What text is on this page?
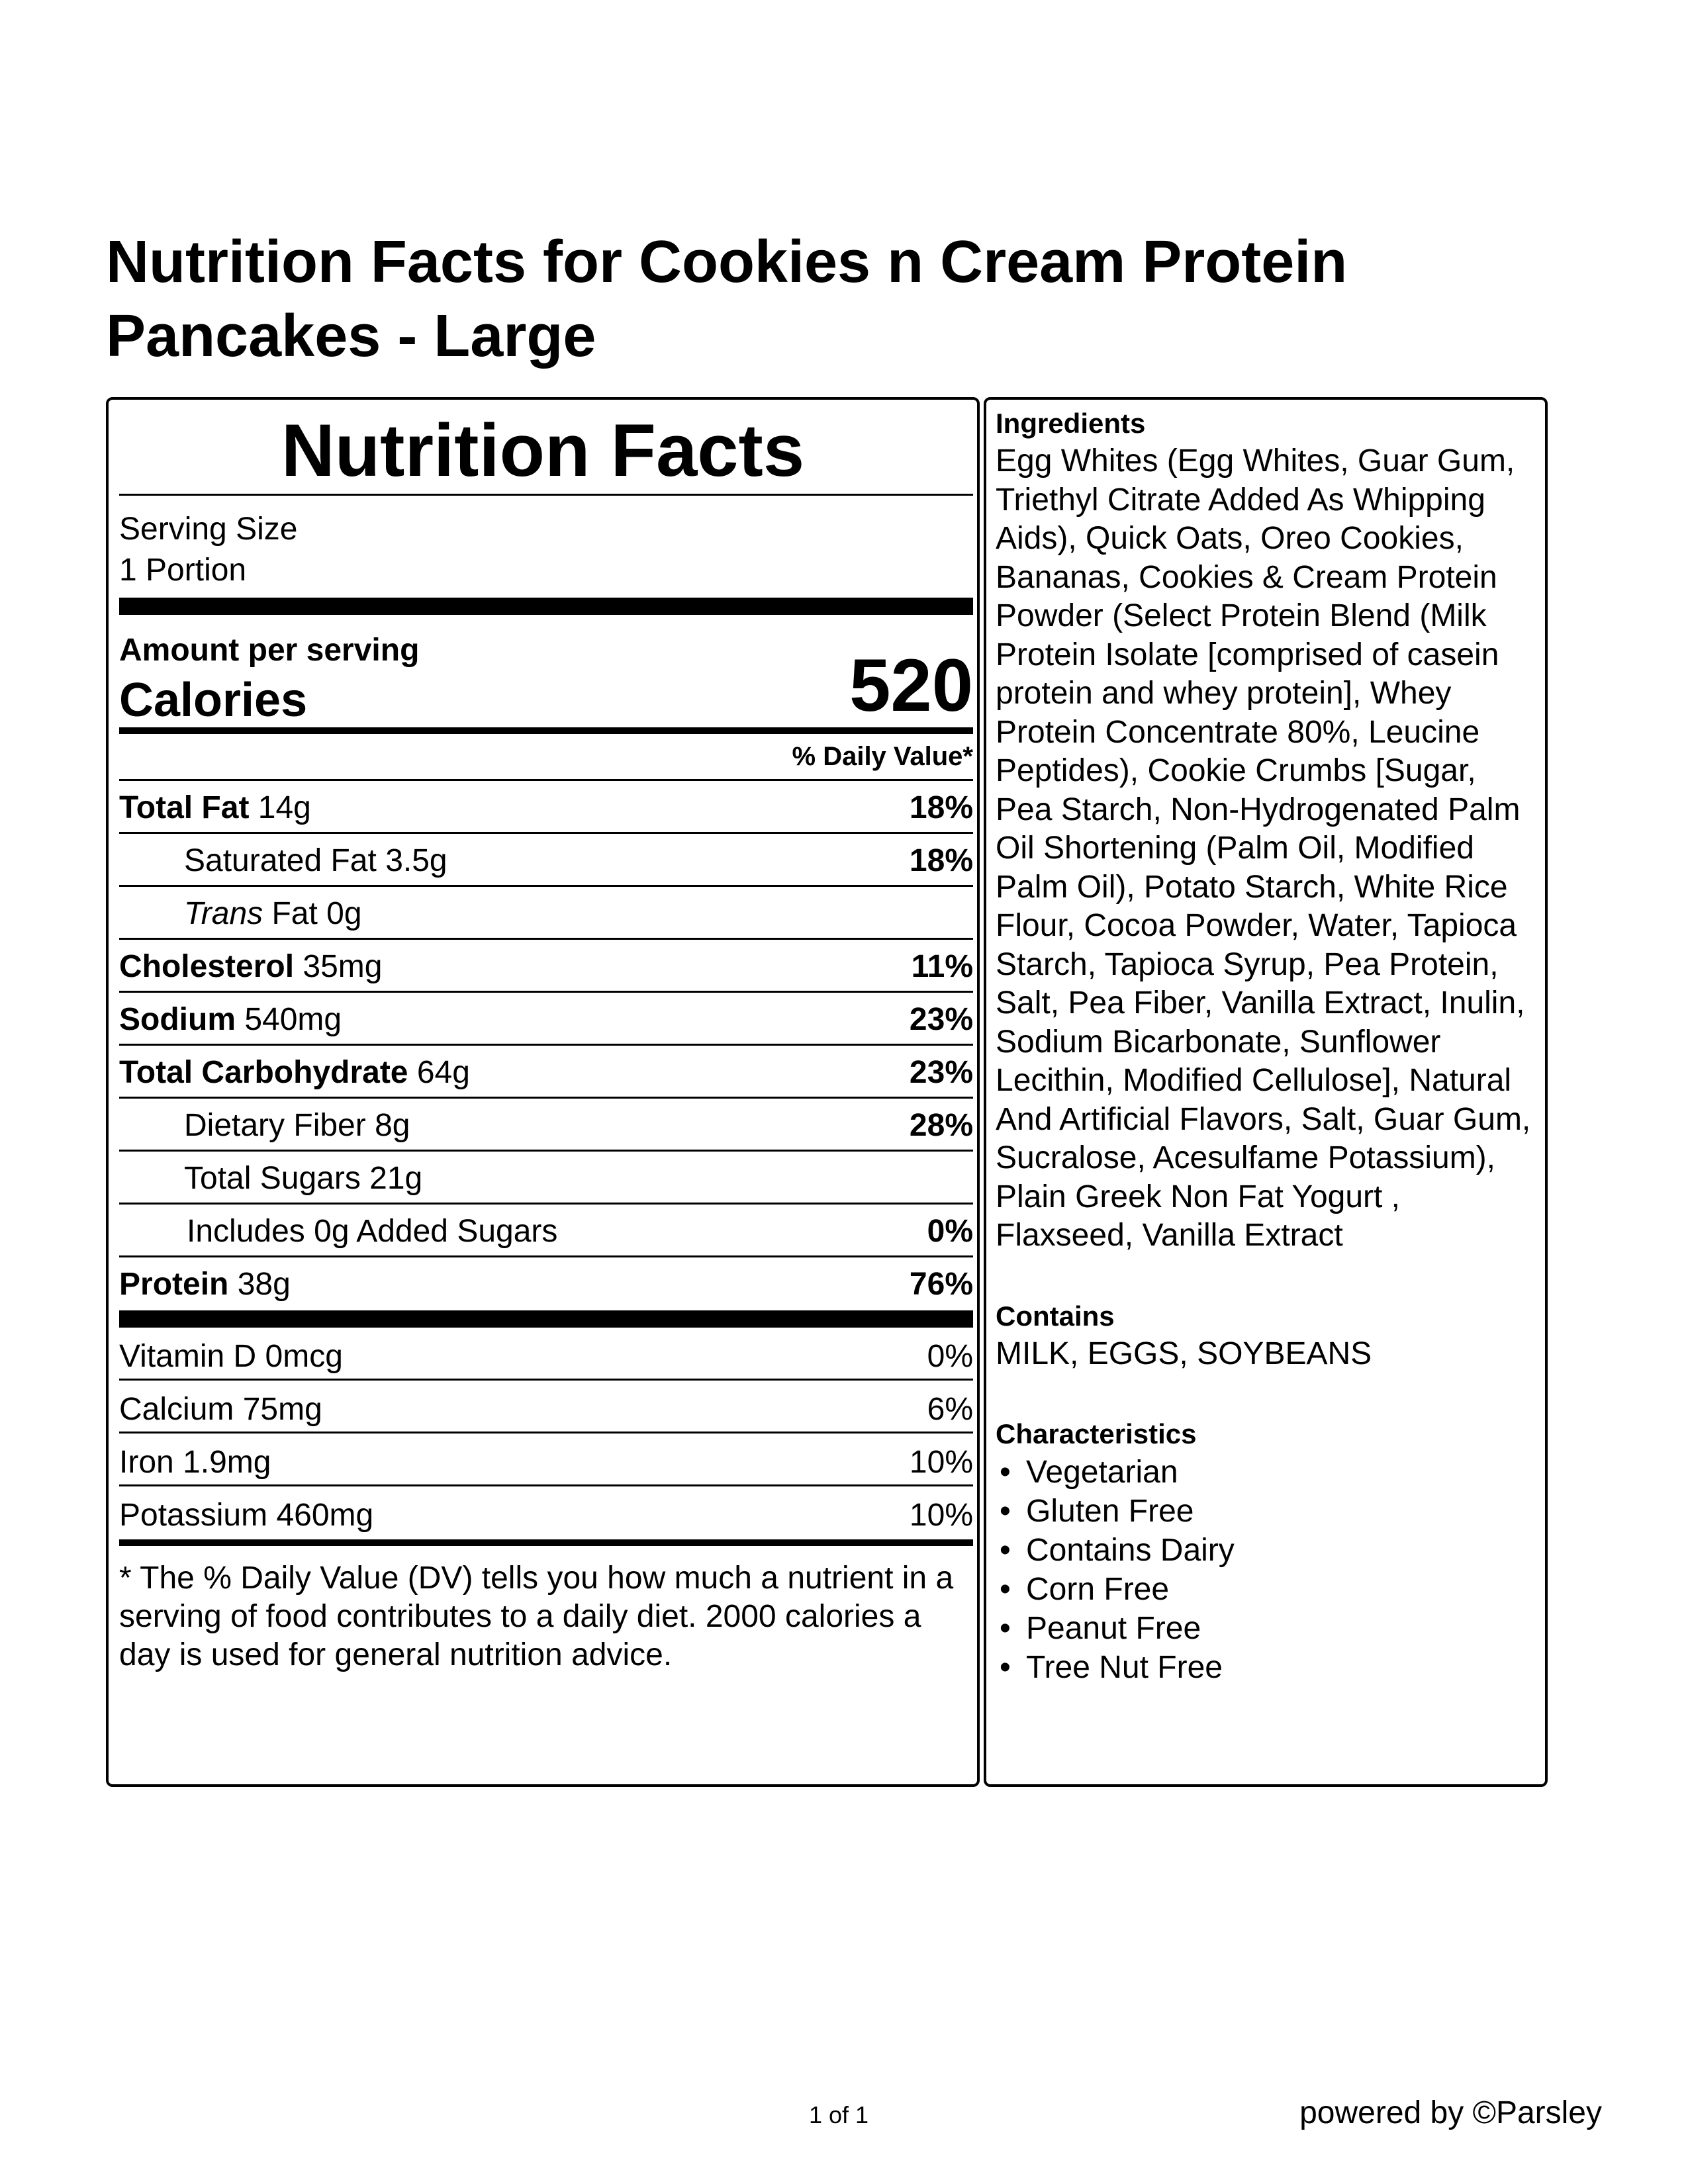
Nutrition Facts for Cookies n Cream Protein Pancakes - Large
Nutrition Facts
Serving Size
1 Portion
Amount per serving
Calories	520
% Daily Value*
Total Fat 14g	18%
Saturated Fat 3.5g	18%
Trans Fat 0g
Cholesterol 35mg	11%
Sodium 540mg	23%
Total Carbohydrate 64g	23%
Dietary Fiber 8g	28%
Total Sugars 21g
Includes 0g Added Sugars	0%
Protein 38g	76%
Vitamin D 0mcg	0%
Calcium 75mg	6%
Iron 1.9mg	10%
Potassium 460mg	10%
* The % Daily Value (DV) tells you how much a nutrient in a serving of food contributes to a daily diet. 2000 calories a day is used for general nutrition advice.
Ingredients
Egg Whites (Egg Whites, Guar Gum, Triethyl Citrate Added As Whipping Aids), Quick Oats, Oreo Cookies, Bananas, Cookies & Cream Protein Powder (Select Protein Blend (Milk Protein Isolate [comprised of casein protein and whey protein], Whey Protein Concentrate 80%, Leucine Peptides), Cookie Crumbs [Sugar, Pea Starch, Non-Hydrogenated Palm Oil Shortening (Palm Oil, Modified Palm Oil), Potato Starch, White Rice Flour, Cocoa Powder, Water, Tapioca Starch, Tapioca Syrup, Pea Protein, Salt, Pea Fiber, Vanilla Extract, Inulin, Sodium Bicarbonate, Sunflower Lecithin, Modified Cellulose], Natural And Artificial Flavors, Salt, Guar Gum, Sucralose, Acesulfame Potassium), Plain Greek Non Fat Yogurt , Flaxseed, Vanilla Extract
Contains
MILK, EGGS, SOYBEANS
Characteristics
• Vegetarian
• Gluten Free
• Contains Dairy
• Corn Free
• Peanut Free
• Tree Nut Free
1 of 1	powered by ©Parsley
